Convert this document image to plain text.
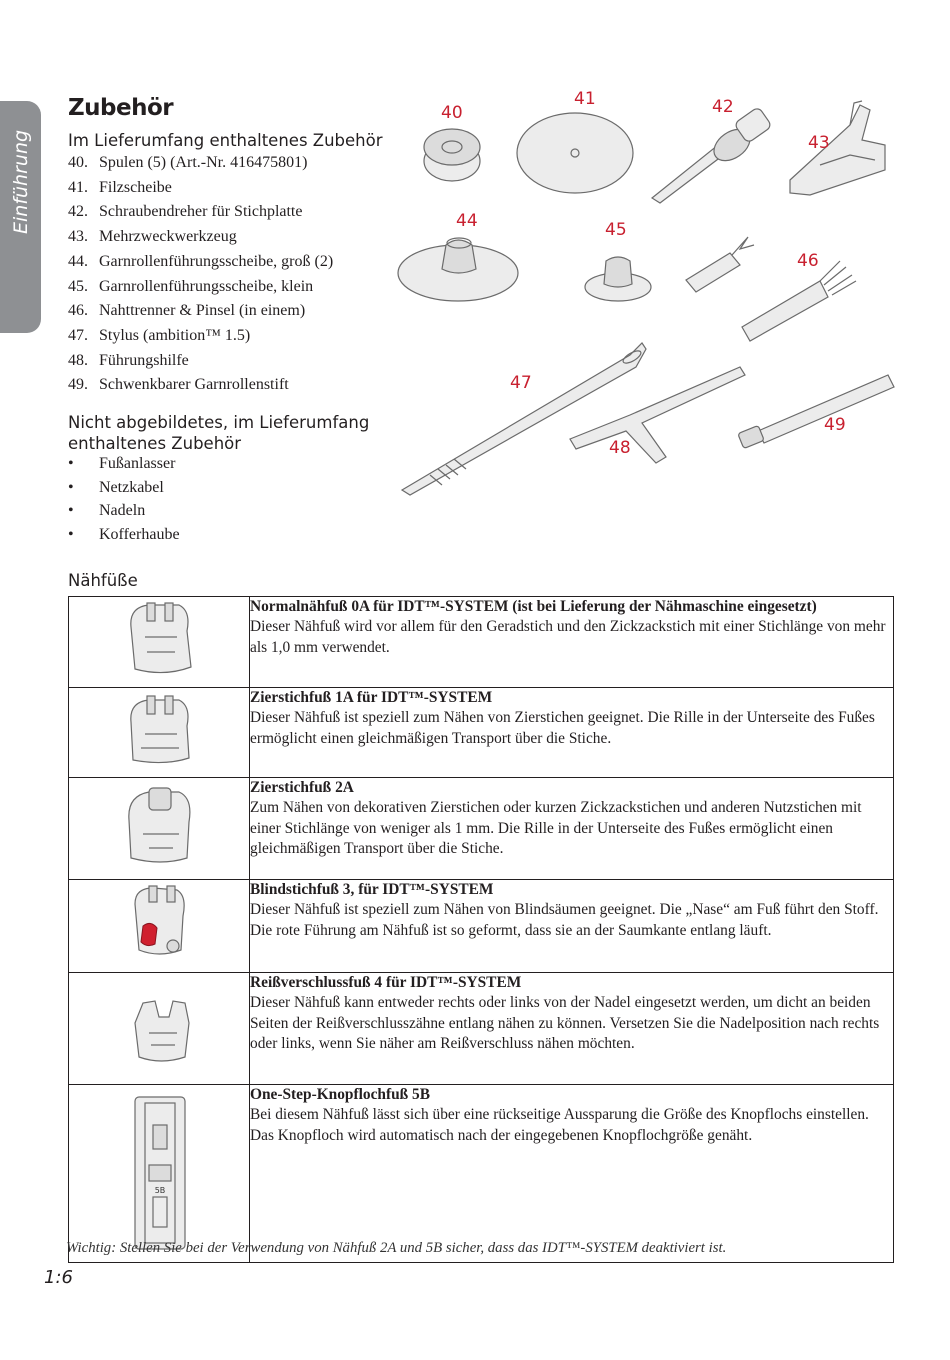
Einführung
Zubehör
Im Lieferumfang enthaltenes Zubehör
40. Spulen (5) (Art.-Nr. 416475801)
41. Filzscheibe
42. Schraubendreher für Stichplatte
43. Mehrzweckwerkzeug
44. Garnrollenführungsscheibe, groß (2)
45. Garnrollenführungsscheibe, klein
46. Nahttrenner & Pinsel (in einem)
47. Stylus (ambition™ 1.5)
48. Führungshilfe
49. Schwenkbarer Garnrollenstift
Nicht abgebildetes, im Lieferumfang
enthaltenes Zubehör
• Fußanlasser
• Netzkabel
• Nadeln
• Kofferhaube
40
41	42
43
44	45
46
47
48
49
Nähfüße

Normalnähfuß 0A für IDT™-SYSTEM (ist bei Lieferung der Nähmaschine eingesetzt)
Dieser Nähfuß wird vor allem für den Geradstich und den Zickzackstich mit einer Stichlänge von mehr als 1,0 mm verwendet.

Zierstichfuß 1A für IDT™-SYSTEM
Dieser Nähfuß ist speziell zum Nähen von Zierstichen geeignet. Die Rille in der Unterseite des Fußes ermöglicht einen gleichmäßigen Transport über die Stiche.

Zierstichfuß 2A
Zum Nähen von dekorativen Zierstichen oder kurzen Zickzackstichen und anderen Nutzstichen mit einer Stichlänge von weniger als 1 mm. Die Rille in der Unterseite des Fußes ermöglicht einen gleichmäßigen Transport über die Stiche.

Blindstichfuß 3, für IDT™-SYSTEM
Dieser Nähfuß ist speziell zum Nähen von Blindsäumen geeignet. Die „Nase“ am Fuß führt den Stoff. Die rote Führung am Nähfuß ist so geformt, dass sie an der Saumkante entlang läuft.

Reißverschlussfuß 4 für IDT™-SYSTEM
Dieser Nähfuß kann entweder rechts oder links von der Nadel eingesetzt werden, um dicht an beiden Seiten der Reißverschlusszähne entlang nähen zu können. Versetzen Sie die Nadelposition nach rechts oder links, wenn Sie näher am Reißverschluss nähen möchten.

5B	One-Step-Knopflochfuß 5B
Bei diesem Nähfuß lässt sich über eine rückseitige Aussparung die Größe des Knopflochs einstellen. Das Knopfloch wird automatisch nach der eingegebenen Knopflochgröße genäht.

Wichtig: Stellen Sie bei der Verwendung von Nähfuß 2A und 5B sicher, dass das IDT™-SYSTEM deaktiviert ist.

1:6
